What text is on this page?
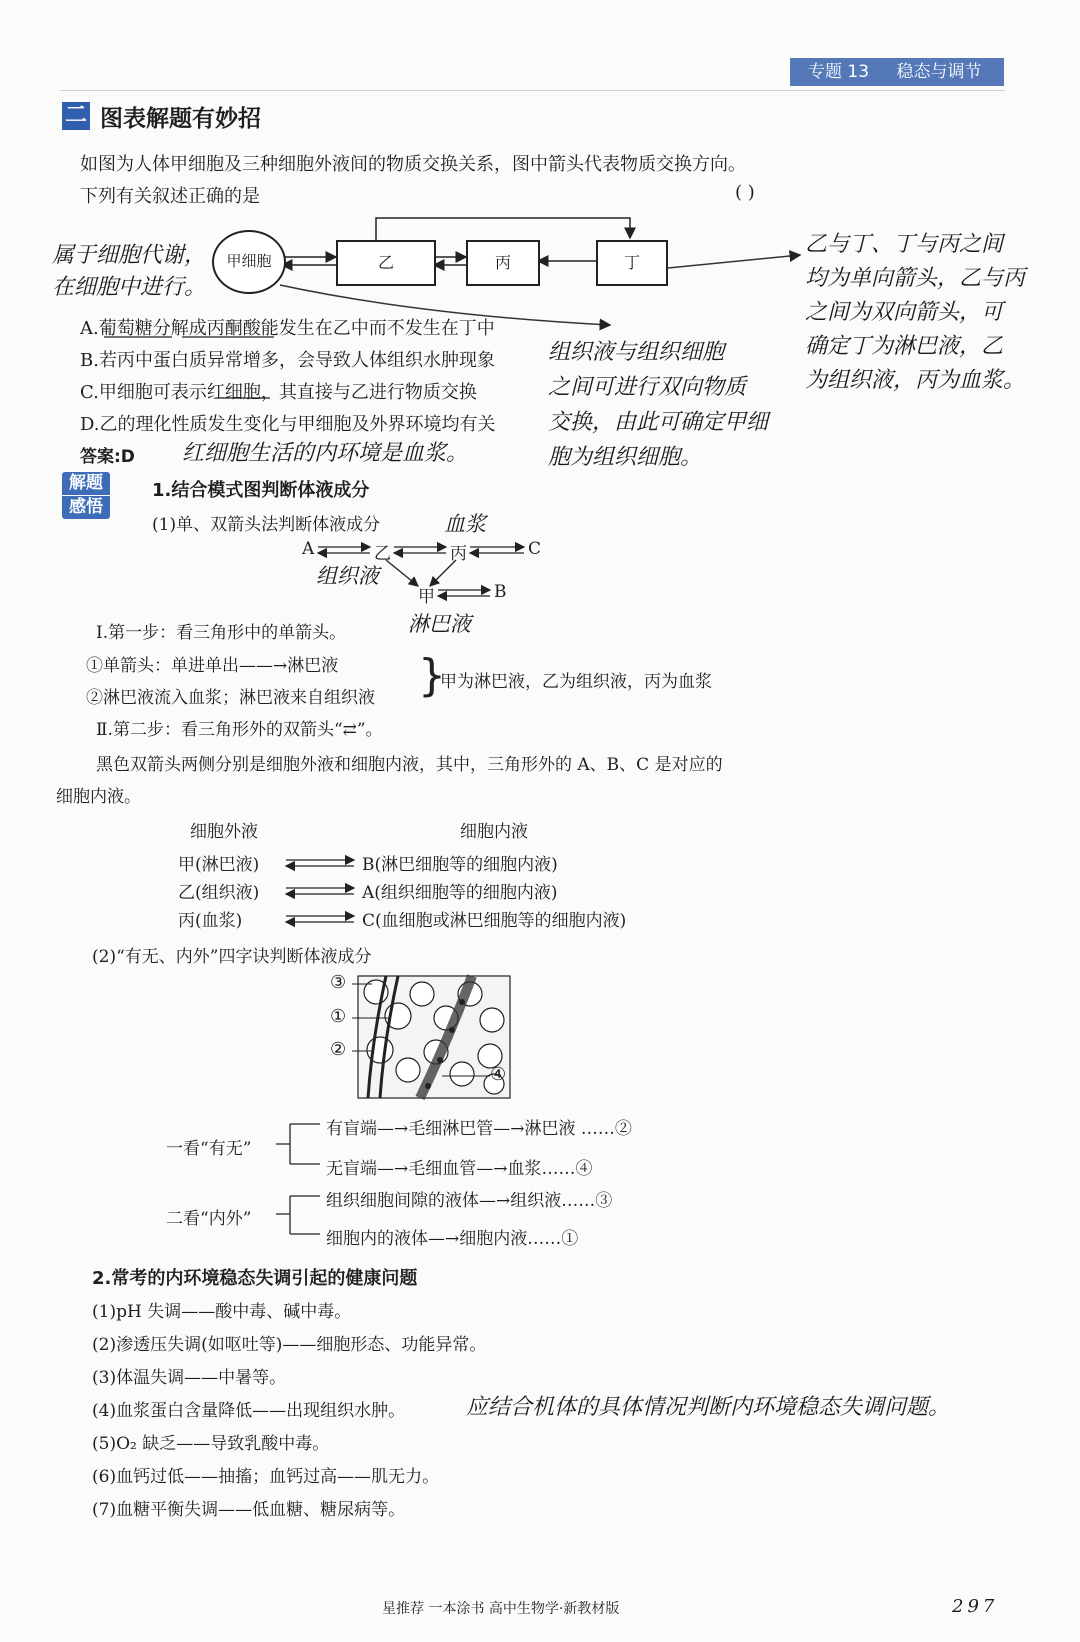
专题 13 稳态与调节
二 图表解题有妙招
如图为人体甲细胞及三种细胞外液间的物质交换关系，图中箭头代表物质交换方向。
下列有关叙述正确的是	( )
甲细胞	乙	丙	丁
属于细胞代谢，
在细胞中进行。
乙与丁、丁与丙之间
均为单向箭头，乙与丙
之间为双向箭头，可
确定丁为淋巴液，乙
为组织液，丙为血浆。
组织液与组织细胞
之间可进行双向物质
交换，由此可确定甲细
胞为组织细胞。
A.葡萄糖分解成丙酮酸能发生在乙中而不发生在丁中
B.若丙中蛋白质异常增多，会导致人体组织水肿现象
C.甲细胞可表示红细胞，其直接与乙进行物质交换
D.乙的理化性质发生变化与甲细胞及外界环境均有关
答案:D 红细胞生活的内环境是血浆。
解题
感悟
1.结合模式图判断体液成分
(1)单、双箭头法判断体液成分
A	乙	丙	C
甲	B
血浆
组织液
淋巴液
Ⅰ.第一步：看三角形中的单箭头。
①单箭头：单进单出——→淋巴液
②淋巴液流入血浆；淋巴液来自组织液 }
甲为淋巴液，乙为组织液，丙为血浆
Ⅱ.第二步：看三角形外的双箭头“⇄”。
黑色双箭头两侧分别是细胞外液和细胞内液，其中，三角形外的 A、B、C 是对应的
细胞内液。
细胞外液	细胞内液
甲(淋巴液)	B(淋巴细胞等的细胞内液)
乙(组织液)	A(组织细胞等的细胞内液)
丙(血浆)	C(血细胞或淋巴细胞等的细胞内液)
(2)“有无、内外”四字诀判断体液成分
③
①
②
④
一看“有无”
有盲端—→毛细淋巴管—→淋巴液 ……②
无盲端—→毛细血管—→血浆……④
二看“内外”
组织细胞间隙的液体—→组织液……③
细胞内的液体—→细胞内液……①
2.常考的内环境稳态失调引起的健康问题
(1)pH 失调——酸中毒、碱中毒。
(2)渗透压失调(如呕吐等)——细胞形态、功能异常。
(3)体温失调——中暑等。
(4)血浆蛋白含量降低——出现组织水肿。	应结合机体的具体情况判断内环境稳态失调问题。
(5)O₂ 缺乏——导致乳酸中毒。
(6)血钙过低——抽搐；血钙过高——肌无力。
(7)血糖平衡失调——低血糖、糖尿病等。
星推荐 一本涂书 高中生物学·新教材版	297
